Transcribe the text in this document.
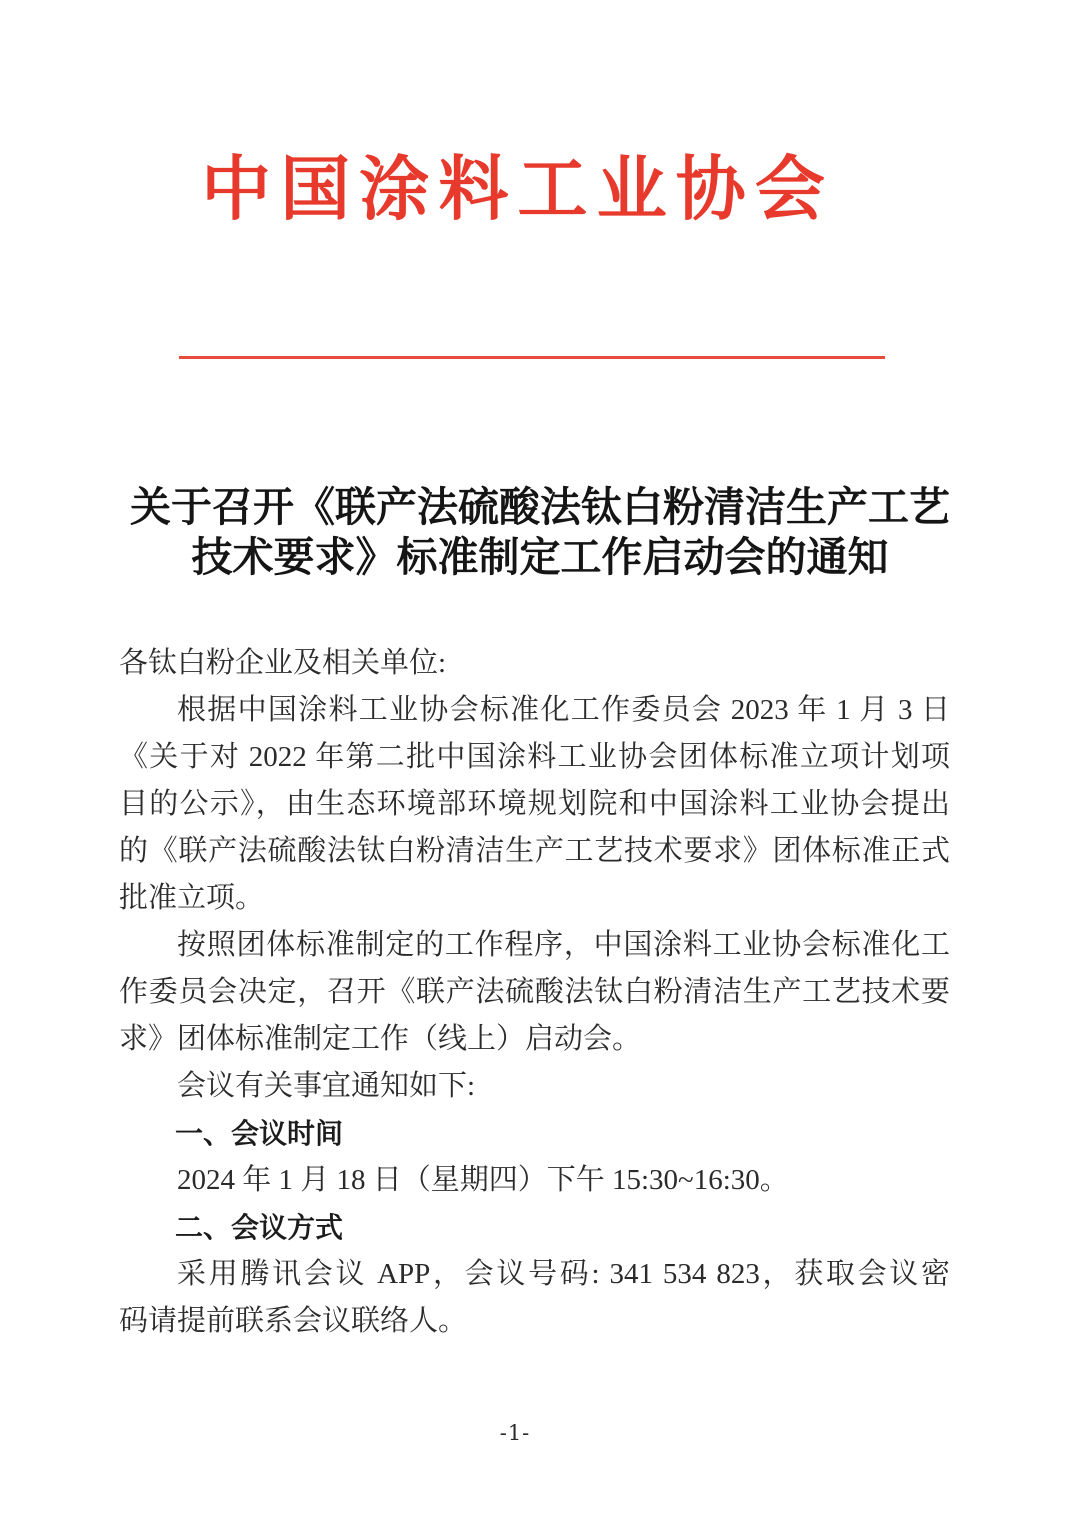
中国涂料工业协会
关于召开《联产法硫酸法钛白粉清洁生产工艺
技术要求》标准制定工作启动会的通知
各钛白粉企业及相关单位:
根据中国涂料工业协会标准化工作委员会 2023 年 1 月 3 日
《关于对 2022 年第二批中国涂料工业协会团体标准立项计划项
目的公示》，由生态环境部环境规划院和中国涂料工业协会提出
的《联产法硫酸法钛白粉清洁生产工艺技术要求》团体标准正式
批准立项。
按照团体标准制定的工作程序，中国涂料工业协会标准化工
作委员会决定，召开《联产法硫酸法钛白粉清洁生产工艺技术要
求》团体标准制定工作（线上）启动会。
会议有关事宜通知如下:
一、会议时间
2024 年 1 月 18 日（星期四）下午 15:30~16:30。
二、会议方式
采用腾讯会议 APP，会议号码: 341 534 823，获取会议密
码请提前联系会议联络人。
-1-
